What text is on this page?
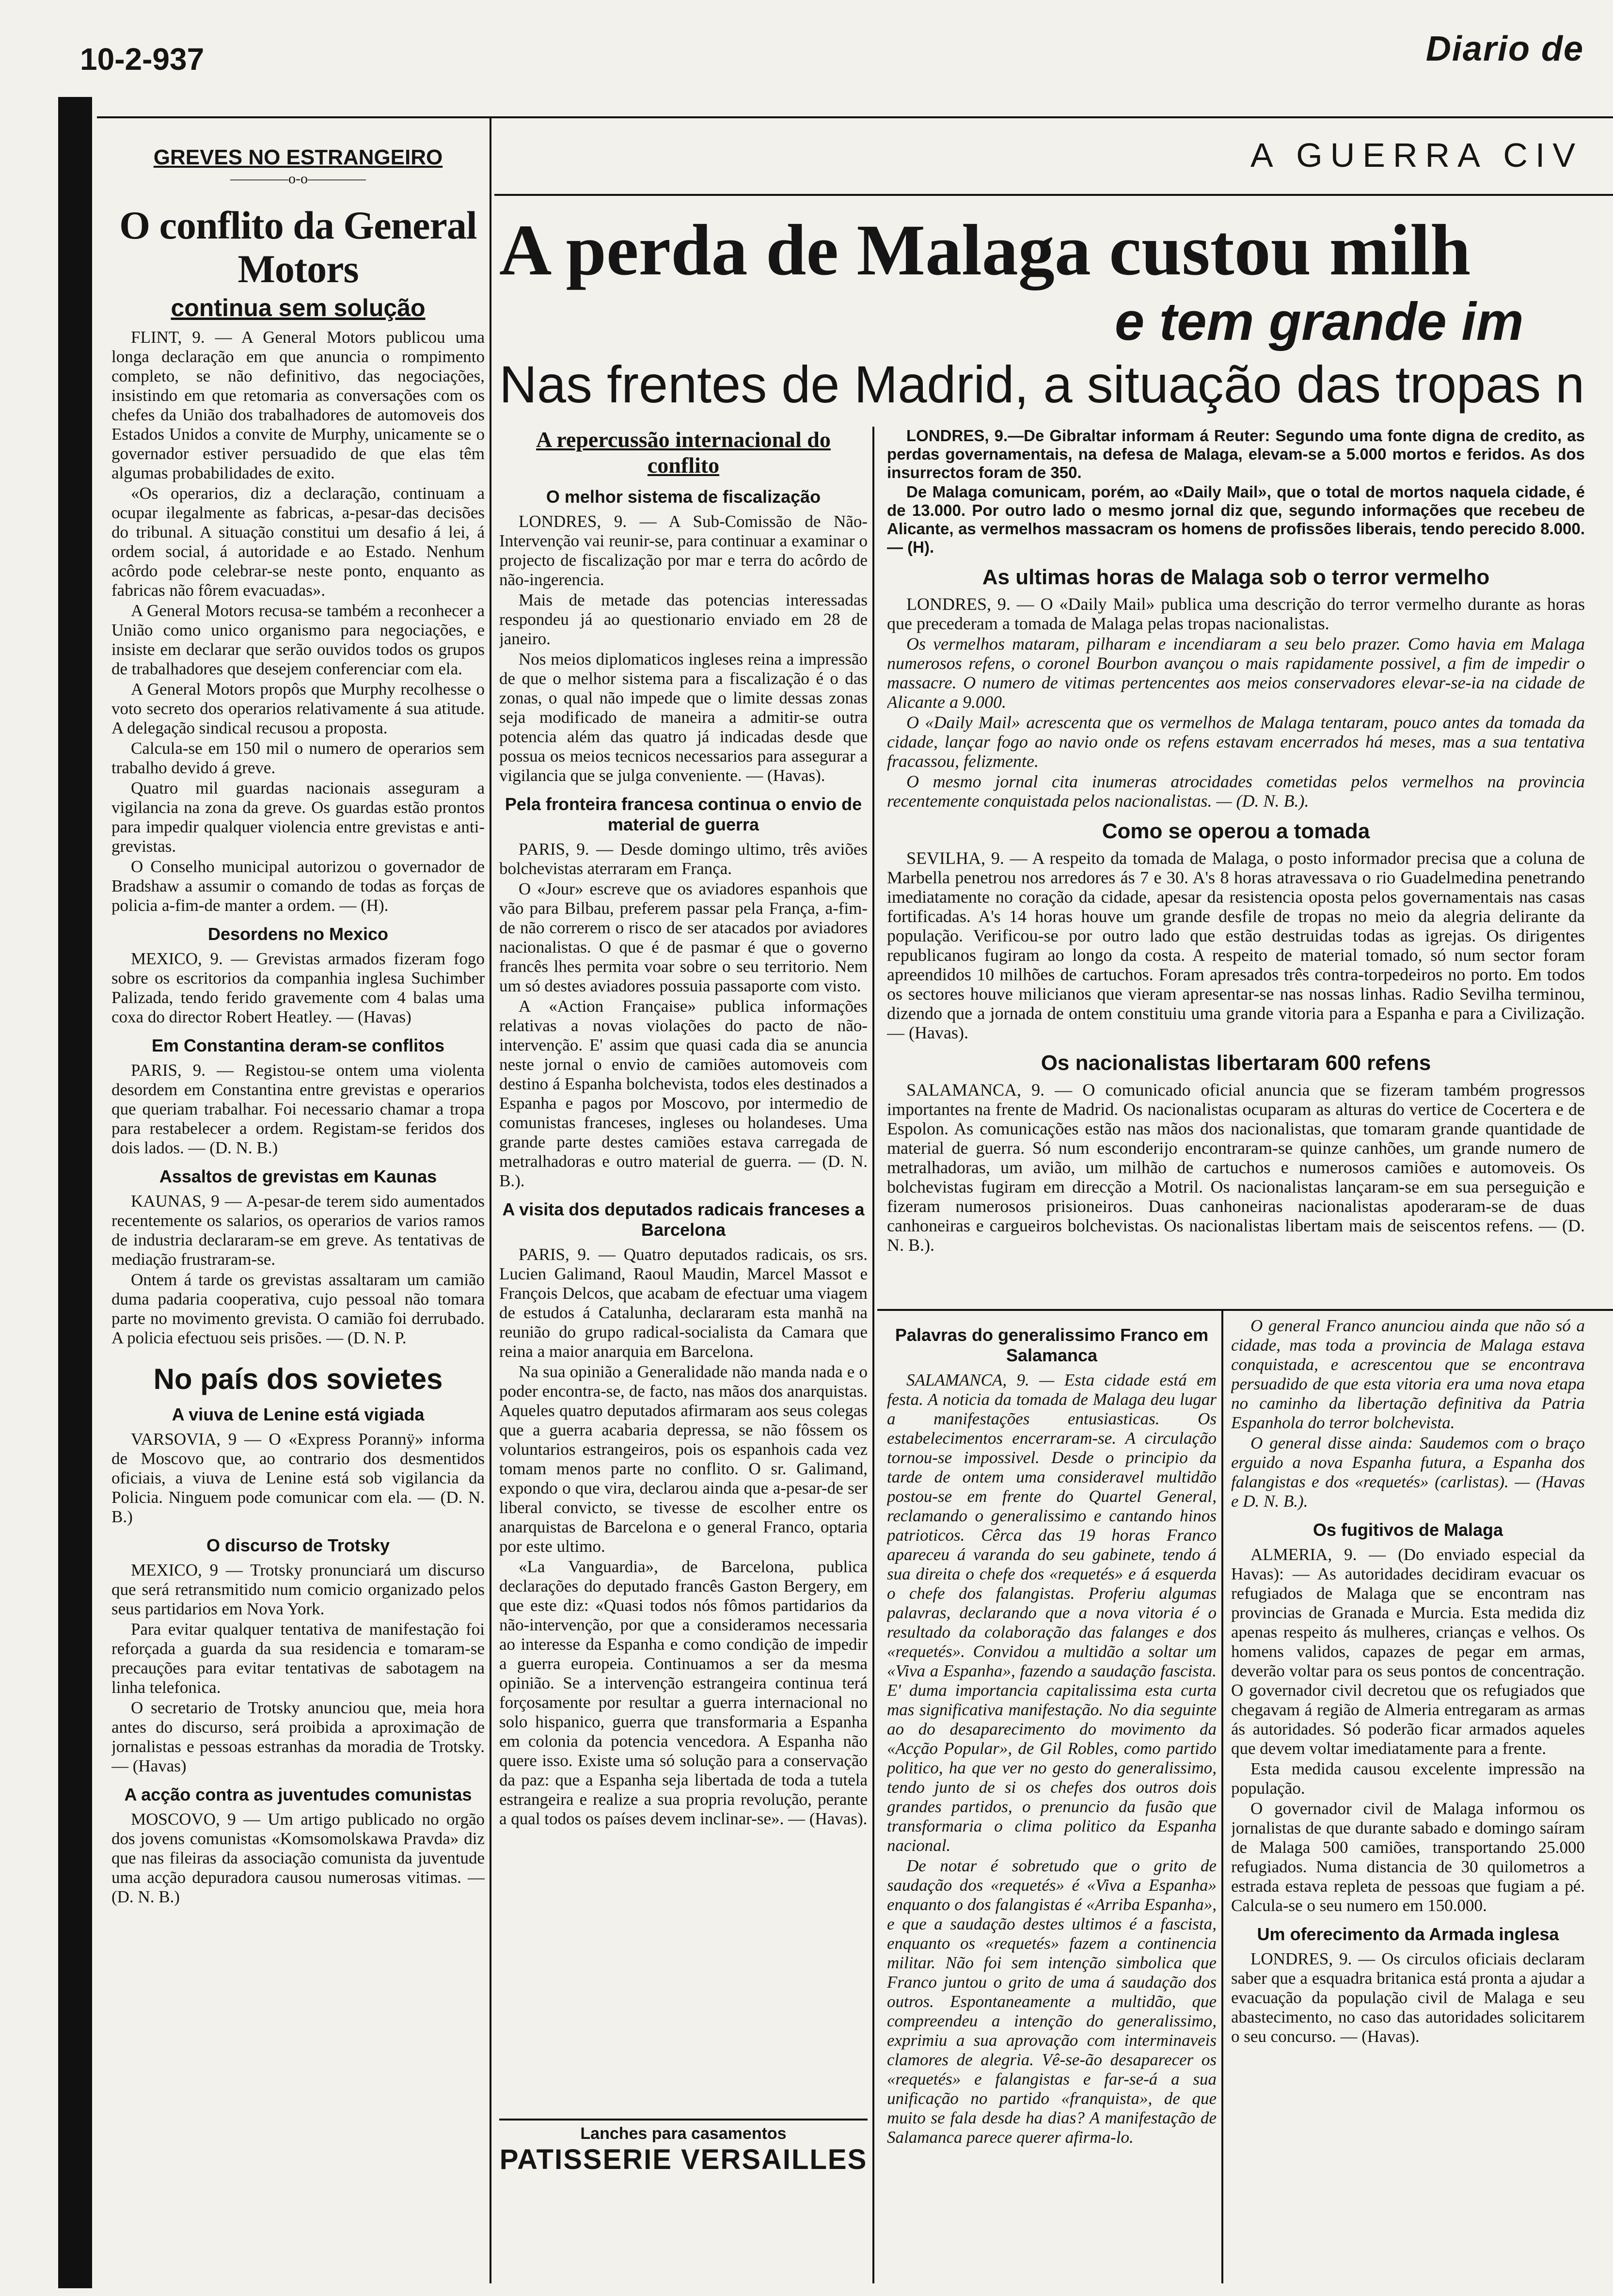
10-2-937	Diario de
GREVES NO ESTRANGEIRO
————o-o————
A GUERRA CIV
A perda de Malaga custou milh
e tem grande im
Nas frentes de Madrid, a situação das tropas n
O conflito da General Motors
continua sem solução

FLINT, 9. — A General Motors publicou uma longa declaração em que anuncia o rompimento completo, se não definitivo, das negociações, insistindo em que retomaria as conversações com os chefes da União dos trabalhadores de automoveis dos Estados Unidos a convite de Murphy, unicamente se o governador estiver persuadido de que elas têm algumas probabilidades de exito.

«Os operarios, diz a declaração, continuam a ocupar ilegalmente as fabricas, a-pesar-das decisões do tribunal. A situação constitui um desafio á lei, á ordem social, á autoridade e ao Estado. Nenhum acôrdo pode celebrar-se neste ponto, enquanto as fabricas não fôrem evacuadas».

A General Motors recusa-se também a reconhecer a União como unico organismo para negociações, e insiste em declarar que serão ouvidos todos os grupos de trabalhadores que desejem conferenciar com ela.

A General Motors propôs que Murphy recolhesse o voto secreto dos operarios relativamente á sua atitude. A delegação sindical recusou a proposta.

Calcula-se em 150 mil o numero de operarios sem trabalho devido á greve.

Quatro mil guardas nacionais asseguram a vigilancia na zona da greve. Os guardas estão prontos para impedir qualquer violencia entre grevistas e anti-grevistas.

O Conselho municipal autorizou o governador de Bradshaw a assumir o comando de todas as forças de policia a-fim-de manter a ordem. — (H).

Desordens no Mexico

MEXICO, 9. — Grevistas armados fizeram fogo sobre os escritorios da companhia inglesa Suchimber Palizada, tendo ferido gravemente com 4 balas uma coxa do director Robert Heatley. — (Havas)

Em Constantina deram-se conflitos

PARIS, 9. — Registou-se ontem uma violenta desordem em Constantina entre grevistas e operarios que queriam trabalhar. Foi necessario chamar a tropa para restabelecer a ordem. Registam-se feridos dos dois lados. — (D. N. B.)

Assaltos de grevistas em Kaunas

KAUNAS, 9 — A-pesar-de terem sido aumentados recentemente os salarios, os operarios de varios ramos de industria declararam-se em greve. As tentativas de mediação frustraram-se.

Ontem á tarde os grevistas assaltaram um camião duma padaria cooperativa, cujo pessoal não tomara parte no movimento grevista. O camião foi derrubado. A policia efectuou seis prisões. — (D. N. P.

No país dos sovietes
A viuva de Lenine está vigiada

VARSOVIA, 9 — O «Express Porannÿ» informa de Moscovo que, ao contrario dos desmentidos oficiais, a viuva de Lenine está sob vigilancia da Policia. Ninguem pode comunicar com ela. — (D. N. B.)

O discurso de Trotsky

MEXICO, 9 — Trotsky pronunciará um discurso que será retransmitido num comicio organizado pelos seus partidarios em Nova York.

Para evitar qualquer tentativa de manifestação foi reforçada a guarda da sua residencia e tomaram-se precauções para evitar tentativas de sabotagem na linha telefonica.

O secretario de Trotsky anunciou que, meia hora antes do discurso, será proibida a aproximação de jornalistas e pessoas estranhas da moradia de Trotsky. — (Havas)

A acção contra as juventudes comunistas

MOSCOVO, 9 — Um artigo publicado no orgão dos jovens comunistas «Komsomolskawa Pravda» diz que nas fileiras da associação comunista da juventude uma acção depuradora causou numerosas vitimas. — (D. N. B.)

A repercussão internacional do conflito
O melhor sistema de fiscalização

LONDRES, 9. — A Sub-Comissão de Não-Intervenção vai reunir-se, para continuar a examinar o projecto de fiscalização por mar e terra do acôrdo de não-ingerencia.

Mais de metade das potencias interessadas respondeu já ao questionario enviado em 28 de janeiro.

Nos meios diplomaticos ingleses reina a impressão de que o melhor sistema para a fiscalização é o das zonas, o qual não impede que o limite dessas zonas seja modificado de maneira a admitir-se outra potencia além das quatro já indicadas desde que possua os meios tecnicos necessarios para assegurar a vigilancia que se julga conveniente. — (Havas).

Pela fronteira francesa continua o envio de material de guerra

PARIS, 9. — Desde domingo ultimo, três aviões bolchevistas aterraram em França.

O «Jour» escreve que os aviadores espanhois que vão para Bilbau, preferem passar pela França, a-fim-de não correrem o risco de ser atacados por aviadores nacionalistas. O que é de pasmar é que o governo francês lhes permita voar sobre o seu territorio. Nem um só destes aviadores possuia passaporte com visto.

A «Action Française» publica informações relativas a novas violações do pacto de não-intervenção. E' assim que quasi cada dia se anuncia neste jornal o envio de camiões automoveis com destino á Espanha bolchevista, todos eles destinados a Espanha e pagos por Moscovo, por intermedio de comunistas franceses, ingleses ou holandeses. Uma grande parte destes camiões estava carregada de metralhadoras e outro material de guerra. — (D. N. B.).

A visita dos deputados radicais franceses a Barcelona

PARIS, 9. — Quatro deputados radicais, os srs. Lucien Galimand, Raoul Maudin, Marcel Massot e François Delcos, que acabam de efectuar uma viagem de estudos á Catalunha, declararam esta manhã na reunião do grupo radical-socialista da Camara que reina a maior anarquia em Barcelona.

Na sua opinião a Generalidade não manda nada e o poder encontra-se, de facto, nas mãos dos anarquistas. Aqueles quatro deputados afirmaram aos seus colegas que a guerra acabaria depressa, se não fôssem os voluntarios estrangeiros, pois os espanhois cada vez tomam menos parte no conflito. O sr. Galimand, expondo o que vira, declarou ainda que a-pesar-de ser liberal convicto, se tivesse de escolher entre os anarquistas de Barcelona e o general Franco, optaria por este ultimo.

«La Vanguardia», de Barcelona, publica declarações do deputado francês Gaston Bergery, em que este diz: «Quasi todos nós fômos partidarios da não-intervenção, por que a consideramos necessaria ao interesse da Espanha e como condição de impedir a guerra europeia. Continuamos a ser da mesma opinião. Se a intervenção estrangeira continua terá forçosamente por resultar a guerra internacional no solo hispanico, guerra que transformaria a Espanha em colonia da potencia vencedora. A Espanha não quere isso. Existe uma só solução para a conservação da paz: que a Espanha seja libertada de toda a tutela estrangeira e realize a sua propria revolução, perante a qual todos os países devem inclinar-se». — (Havas).

Lanches para casamentos
PATISSERIE VERSAILLES

LONDRES, 9.—De Gibraltar informam á Reuter: Segundo uma fonte digna de credito, as perdas governamentais, na defesa de Malaga, elevam-se a 5.000 mortos e feridos. As dos insurrectos foram de 350.

De Malaga comunicam, porém, ao «Daily Mail», que o total de mortos naquela cidade, é de 13.000. Por outro lado o mesmo jornal diz que, segundo informações que recebeu de Alicante, as vermelhos massacram os homens de profissões liberais, tendo perecido 8.000. — (H).

As ultimas horas de Malaga sob o terror vermelho

LONDRES, 9. — O «Daily Mail» publica uma descrição do terror vermelho durante as horas que precederam a tomada de Malaga pelas tropas nacionalistas.

Os vermelhos mataram, pilharam e incendiaram a seu belo prazer. Como havia em Malaga numerosos refens, o coronel Bourbon avançou o mais rapidamente possivel, a fim de impedir o massacre. O numero de vitimas pertencentes aos meios conservadores elevar-se-ia na cidade de Alicante a 9.000.

O «Daily Mail» acrescenta que os vermelhos de Malaga tentaram, pouco antes da tomada da cidade, lançar fogo ao navio onde os refens estavam encerrados há meses, mas a sua tentativa fracassou, felizmente.

O mesmo jornal cita inumeras atrocidades cometidas pelos vermelhos na provincia recentemente conquistada pelos nacionalistas. — (D. N. B.).

Como se operou a tomada

SEVILHA, 9. — A respeito da tomada de Malaga, o posto informador precisa que a coluna de Marbella penetrou nos arredores ás 7 e 30. A's 8 horas atravessava o rio Guadelmedina penetrando imediatamente no coração da cidade, apesar da resistencia oposta pelos governamentais nas casas fortificadas. A's 14 horas houve um grande desfile de tropas no meio da alegria delirante da população. Verificou-se por outro lado que estão destruidas todas as igrejas. Os dirigentes republicanos fugiram ao longo da costa. A respeito de material tomado, só num sector foram apreendidos 10 milhões de cartuchos. Foram apresados três contra-torpedeiros no porto. Em todos os sectores houve milicianos que vieram apresentar-se nas nossas linhas. Radio Sevilha terminou, dizendo que a jornada de ontem constituiu uma grande vitoria para a Espanha e para a Civilização. — (Havas).

Os nacionalistas libertaram 600 refens

SALAMANCA, 9. — O comunicado oficial anuncia que se fizeram também progressos importantes na frente de Madrid. Os nacionalistas ocuparam as alturas do vertice de Cocertera e de Espolon. As comunicações estão nas mãos dos nacionalistas, que tomaram grande quantidade de material de guerra. Só num esconderijo encontraram-se quinze canhões, um grande numero de metralhadoras, um avião, um milhão de cartuchos e numerosos camiões e automoveis. Os bolchevistas fugiram em direcção a Motril. Os nacionalistas lançaram-se em sua perseguição e fizeram numerosos prisioneiros. Duas canhoneiras nacionalistas apoderaram-se de duas canhoneiras e cargueiros bolchevistas. Os nacionalistas libertam mais de seiscentos refens. — (D. N. B.).

Palavras do generalissimo Franco em Salamanca

SALAMANCA, 9. — Esta cidade está em festa. A noticia da tomada de Malaga deu lugar a manifestações entusiasticas. Os estabelecimentos encerraram-se. A circulação tornou-se impossivel. Desde o principio da tarde de ontem uma consideravel multidão postou-se em frente do Quartel General, reclamando o generalissimo e cantando hinos patrioticos. Cêrca das 19 horas Franco apareceu á varanda do seu gabinete, tendo á sua direita o chefe dos «requetés» e á esquerda o chefe dos falangistas. Proferiu algumas palavras, declarando que a nova vitoria é o resultado da colaboração das falanges e dos «requetés». Convidou a multidão a soltar um «Viva a Espanha», fazendo a saudação fascista. E' duma importancia capitalissima esta curta mas significativa manifestação. No dia seguinte ao do desaparecimento do movimento da «Acção Popular», de Gil Robles, como partido politico, ha que ver no gesto do generalissimo, tendo junto de si os chefes dos outros dois grandes partidos, o prenuncio da fusão que transformaria o clima politico da Espanha nacional.

De notar é sobretudo que o grito de saudação dos «requetés» é «Viva a Espanha» enquanto o dos falangistas é «Arriba Espanha», e que a saudação destes ultimos é a fascista, enquanto os «requetés» fazem a continencia militar. Não foi sem intenção simbolica que Franco juntou o grito de uma á saudação dos outros. Espontaneamente a multidão, que compreendeu a intenção do generalissimo, exprimiu a sua aprovação com interminaveis clamores de alegria. Vê-se-ão desaparecer os «requetés» e falangistas e far-se-á a sua unificação no partido «franquista», de que muito se fala desde ha dias? A manifestação de Salamanca parece querer afirma-lo.

O general Franco anunciou ainda que não só a cidade, mas toda a provincia de Malaga estava conquistada, e acrescentou que se encontrava persuadido de que esta vitoria era uma nova etapa no caminho da libertação definitiva da Patria Espanhola do terror bolchevista.

O general disse ainda: Saudemos com o braço erguido a nova Espanha futura, a Espanha dos falangistas e dos «requetés» (carlistas). — (Havas e D. N. B.).

Os fugitivos de Malaga

ALMERIA, 9. — (Do enviado especial da Havas): — As autoridades decidiram evacuar os refugiados de Malaga que se encontram nas provincias de Granada e Murcia. Esta medida diz apenas respeito ás mulheres, crianças e velhos. Os homens validos, capazes de pegar em armas, deverão voltar para os seus pontos de concentração. O governador civil decretou que os refugiados que chegavam á região de Almeria entregaram as armas ás autoridades. Só poderão ficar armados aqueles que devem voltar imediatamente para a frente.

Esta medida causou excelente impressão na população.

O governador civil de Malaga informou os jornalistas de que durante sabado e domingo saíram de Malaga 500 camiões, transportando 25.000 refugiados. Numa distancia de 30 quilometros a estrada estava repleta de pessoas que fugiam a pé. Calcula-se o seu numero em 150.000.

Um oferecimento da Armada inglesa

LONDRES, 9. — Os circulos oficiais declaram saber que a esquadra britanica está pronta a ajudar a evacuação da população civil de Malaga e seu abastecimento, no caso das autoridades solicitarem o seu concurso. — (Havas).
